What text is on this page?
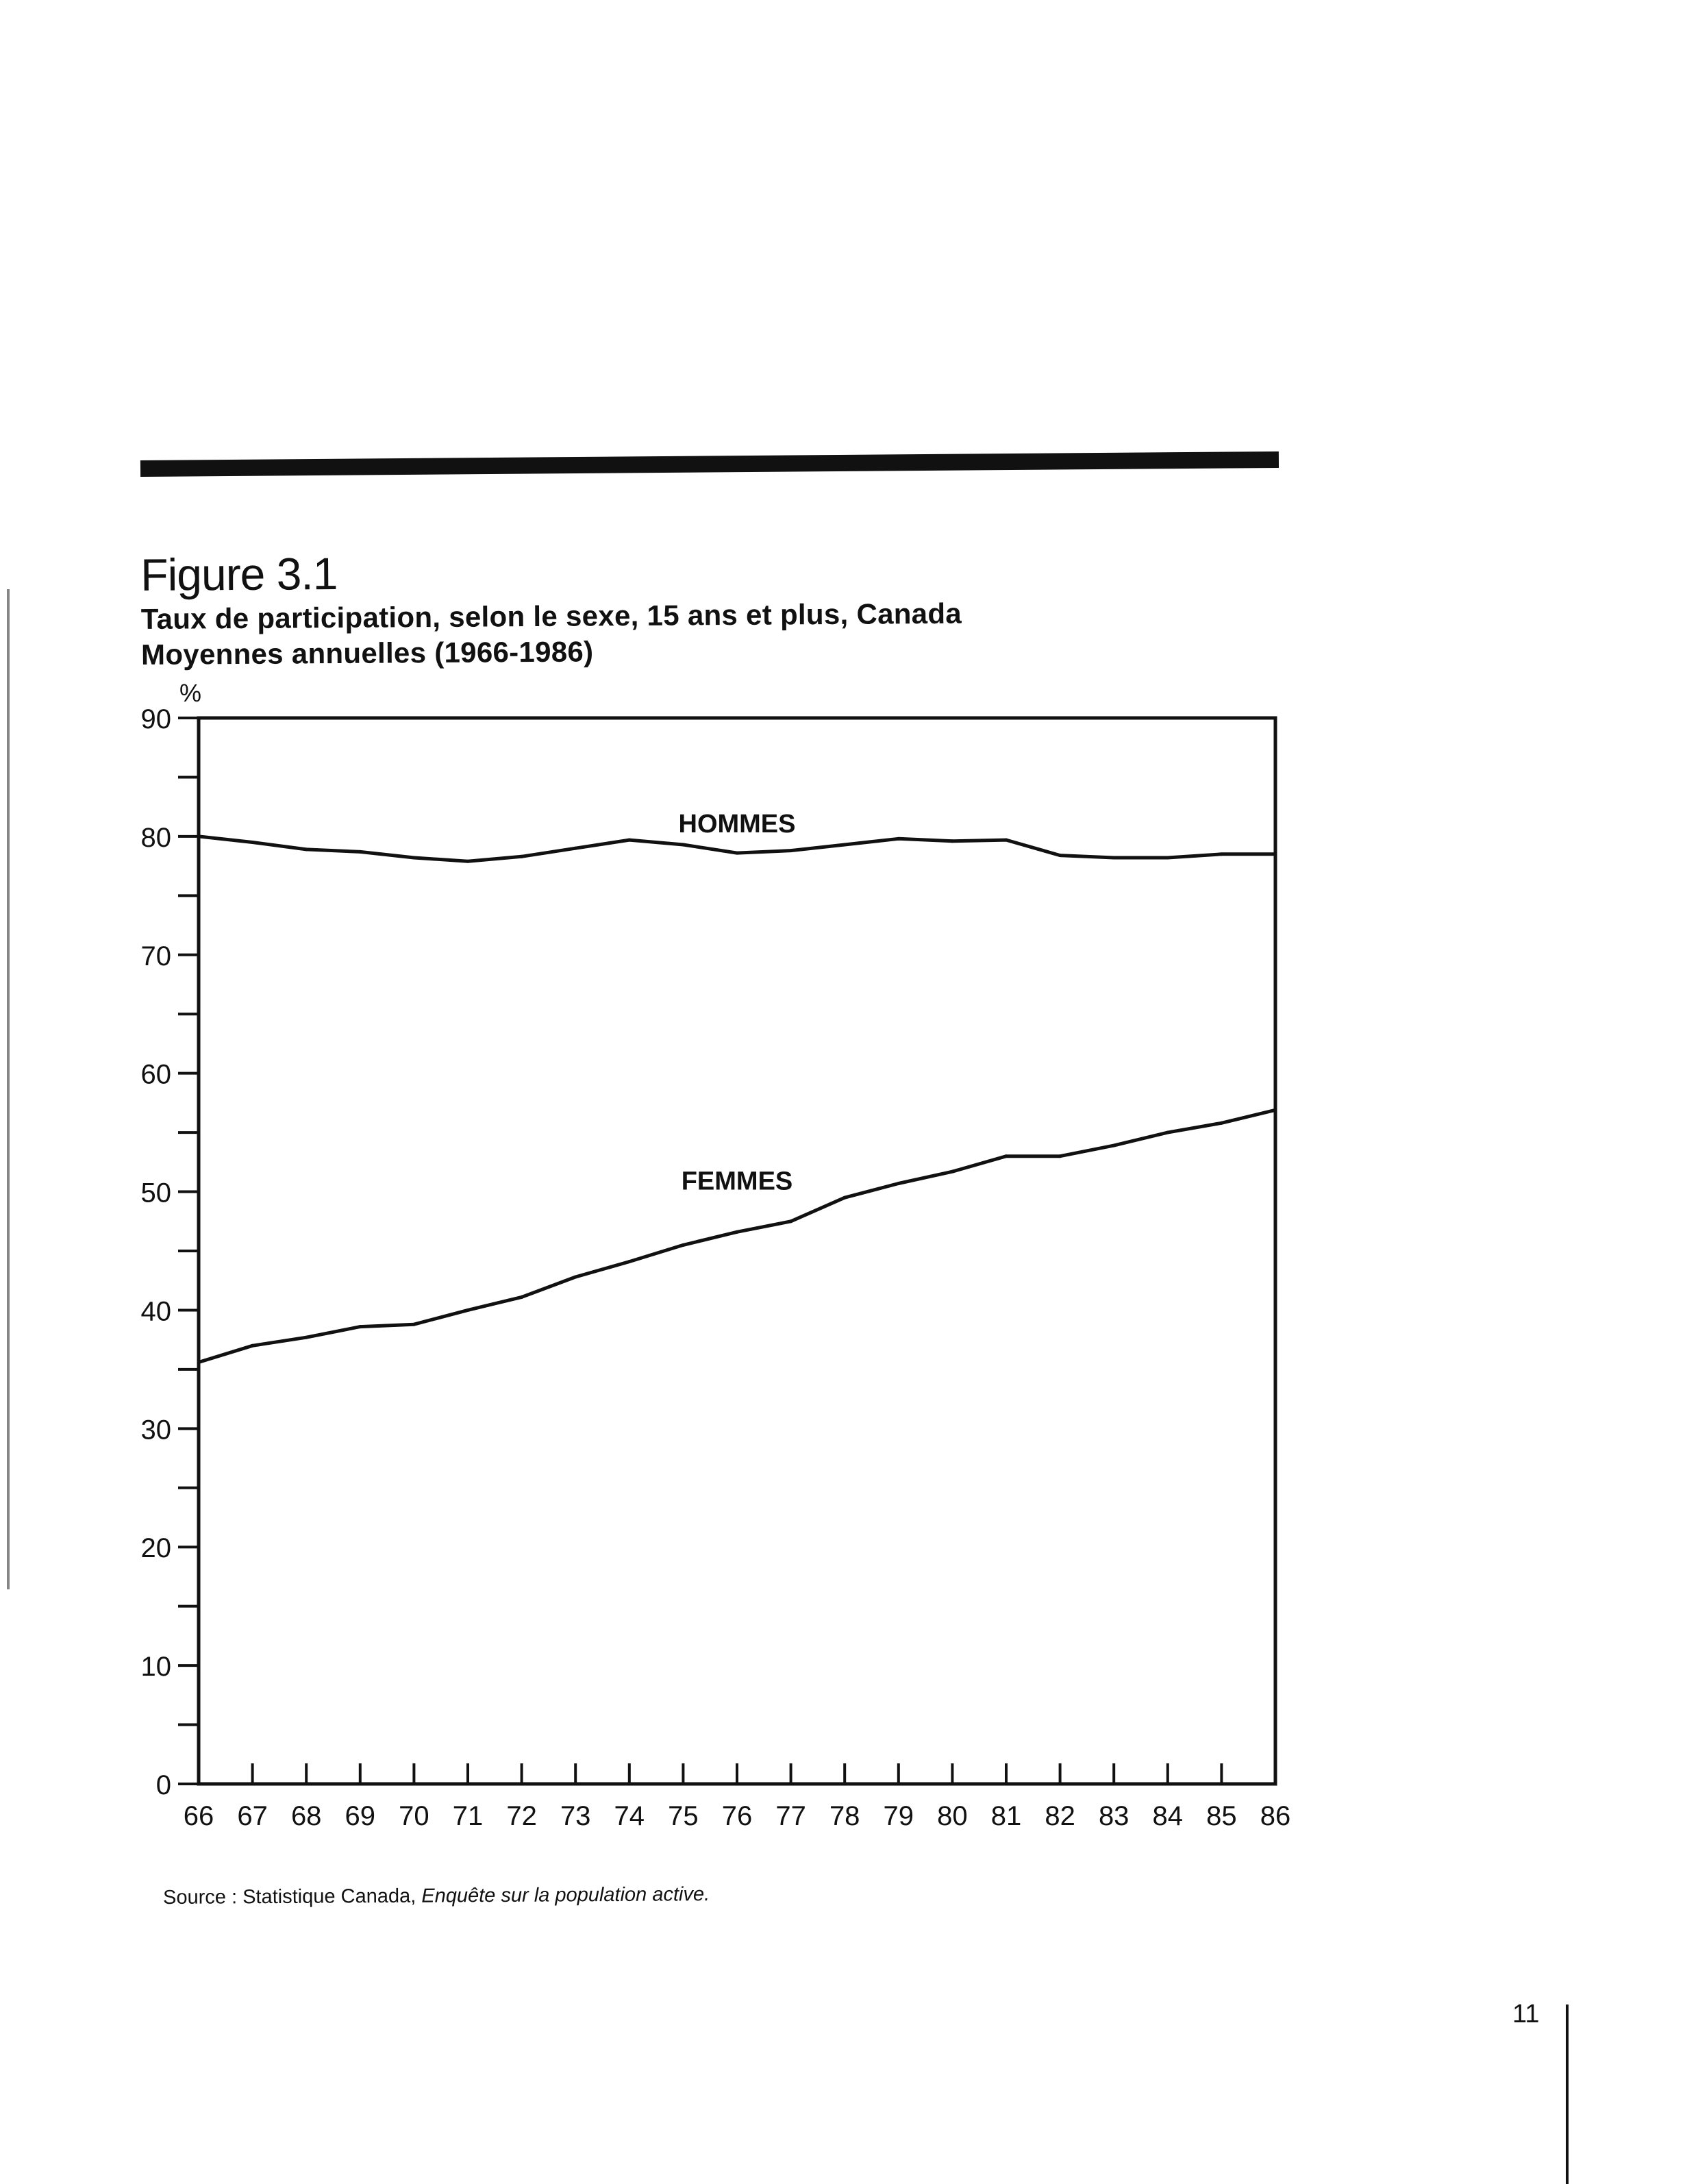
Figure 3.1

Taux de participation, selon le sexe, 15 ans et plus, Canada

Moyennes annuelles (1966-1986)

0
10
20
30
40
50
60
70
80
90
%
66 67 68 69 70 71 72 73 74 75 76 77 78 79 80 81 82 83 84 85 86
HOMMES
FEMMES
Source : Statistique Canada, Enquête sur la population active.
11
